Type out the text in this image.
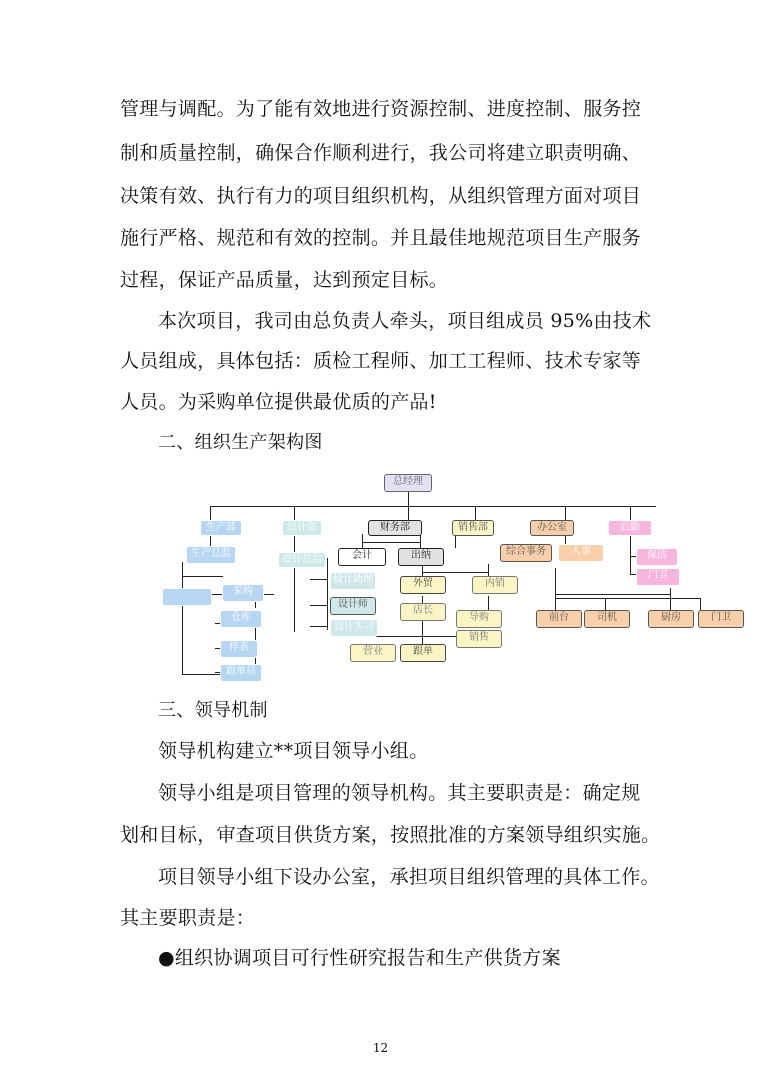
管理与调配。为了能有效地进行资源控制、进度控制、服务控
制和质量控制，确保合作顺利进行，我公司将建立职责明确、
决策有效、执行有力的项目组织机构，从组织管理方面对项目
施行严格、规范和有效的控制。并且最佳地规范项目生产服务
过程，保证产品质量，达到预定目标。
本次项目，我司由总负责人牵头，项目组成员 95%由技术
人员组成，具体包括：质检工程师、加工工程师、技术专家等
人员。为采购单位提供最优质的产品!
二、组织生产架构图
总经理
生产部
生产总监
采购
仓库
样表
跟单员
设计部
设计总监
设计助理
设计师
设计实习
财务部
会计	出纳
销售部
外贸	内销
店长
导购
销售
营业	跟单
办公室
综合事务	人事
前台	司机	厨房	门卫
后勤
保洁
门卫
三、领导机制
领导机构建立**项目领导小组。
领导小组是项目管理的领导机构。其主要职责是：确定规
划和目标，审查项目供货方案，按照批准的方案领导组织实施。
项目领导小组下设办公室，承担项目组织管理的具体工作。
其主要职责是：
●组织协调项目可行性研究报告和生产供货方案
12
